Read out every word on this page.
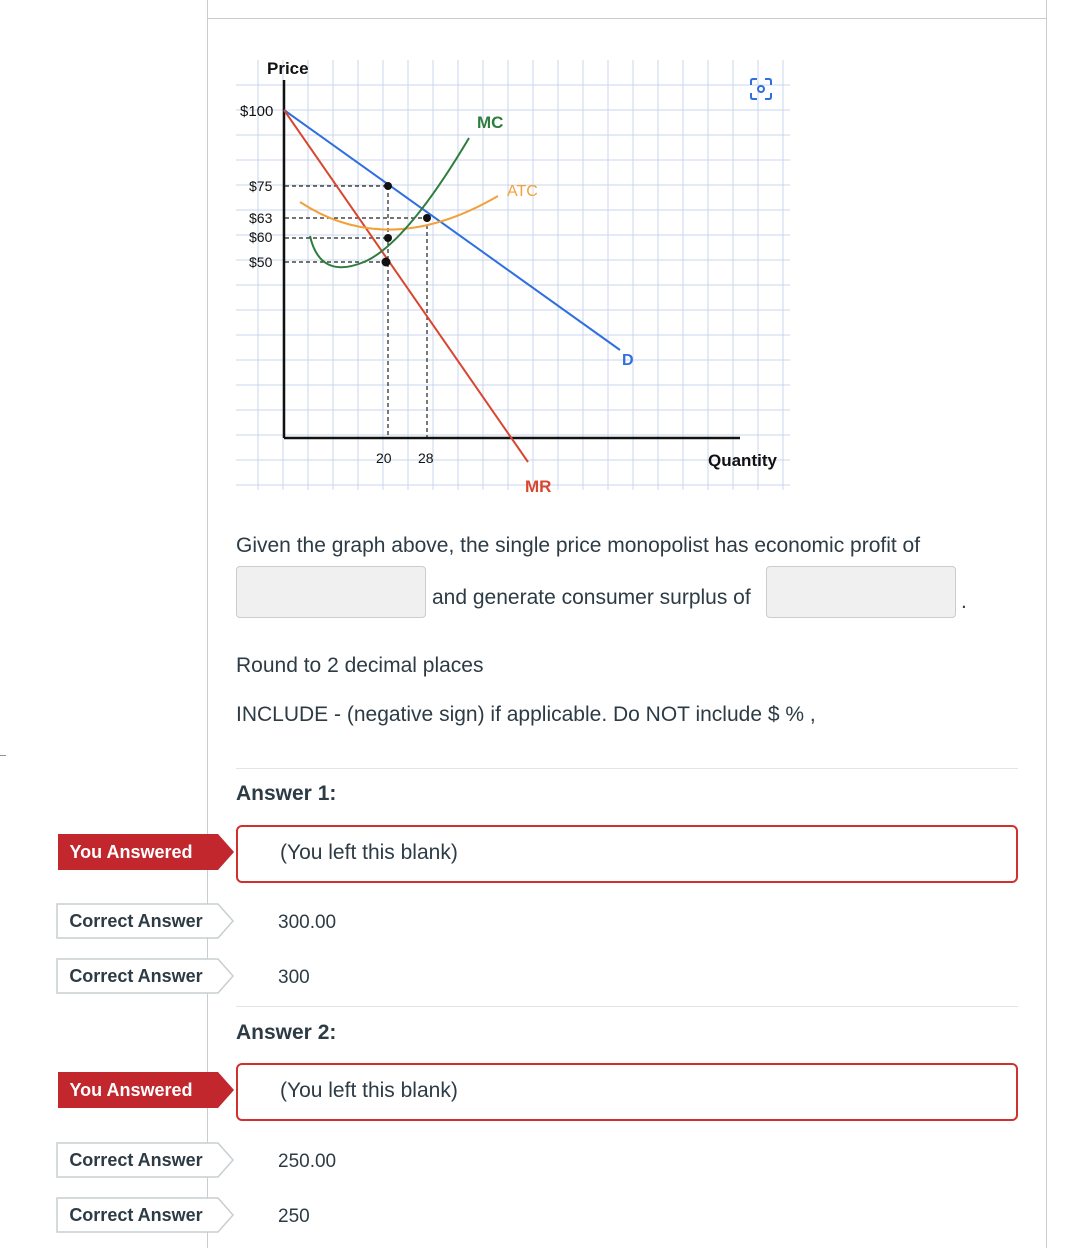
Price
$100
$75
$63
$60
$50
20 28	Quantity
MC
ATC
D
MR
Given the graph above, the single price monopolist has economic profit of
and generate consumer surplus of	.
Round to 2 decimal places
INCLUDE - (negative sign) if applicable. Do NOT include $ % ,
Answer 1:
You Answered	(You left this blank)
Correct Answer	300.00
Correct Answer	300
Answer 2:
You Answered	(You left this blank)
Correct Answer	250.00
Correct Answer	250
